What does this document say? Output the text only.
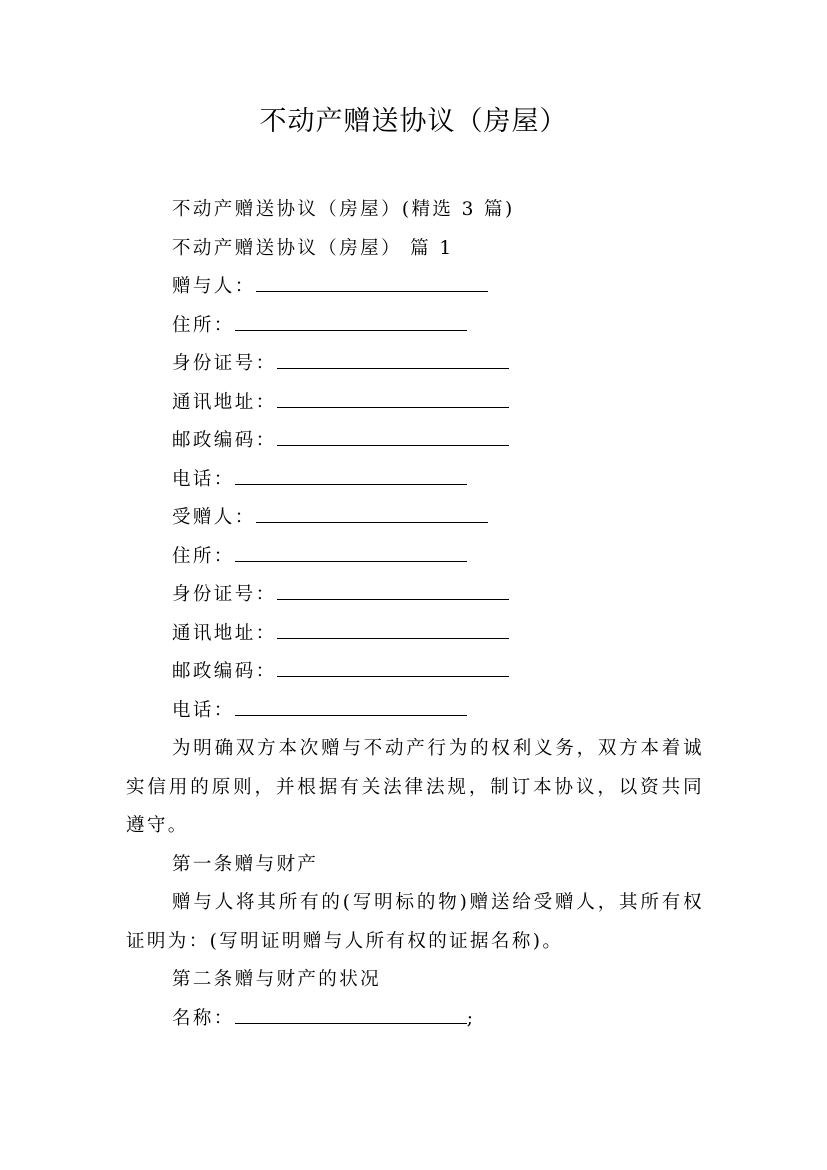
不动产赠送协议（房屋）
不动产赠送协议（房屋）(精选 3 篇)
不动产赠送协议（房屋） 篇 1
赠与人：
住所：
身份证号：
通讯地址：
邮政编码：
电话：
受赠人：
住所：
身份证号：
通讯地址：
邮政编码：
电话：
为明确双方本次赠与不动产行为的权利义务，双方本着诚实信用的原则，并根据有关法律法规，制订本协议，以资共同遵守。
第一条赠与财产
赠与人将其所有的(写明标的物)赠送给受赠人，其所有权证明为：(写明证明赠与人所有权的证据名称)。
第二条赠与财产的状况
名称：	;
